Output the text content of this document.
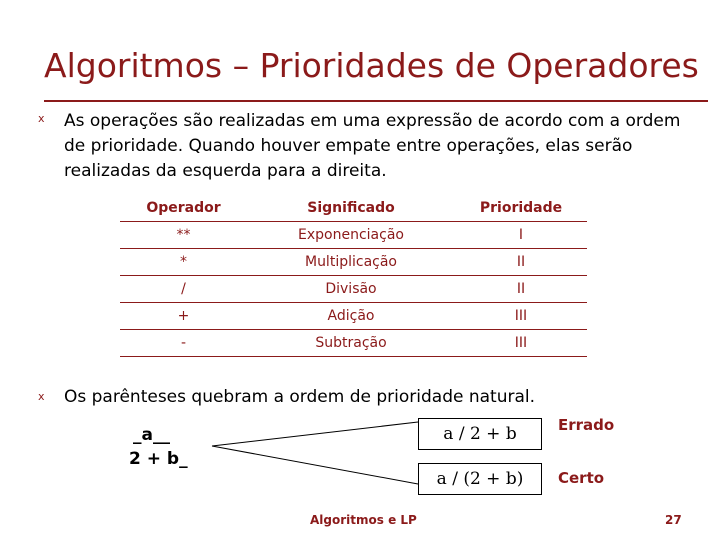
Algoritmos – Prioridades de Operadores
x As operações são realizadas em uma expressão de acordo com a ordem de prioridade. Quando houver empate entre operações, elas serão realizadas da esquerda para a direita.
Operador	Significado	Prioridade
**	Exponenciação	I
*	Multiplicação	II
/	Divisão	II
+	Adição	III
-	Subtração	III
x Os parênteses quebram a ordem de prioridade natural.
_a__
2 + b_
a / 2 + b	Errado
a / (2 + b)	Certo
Algoritmos e LP	27
